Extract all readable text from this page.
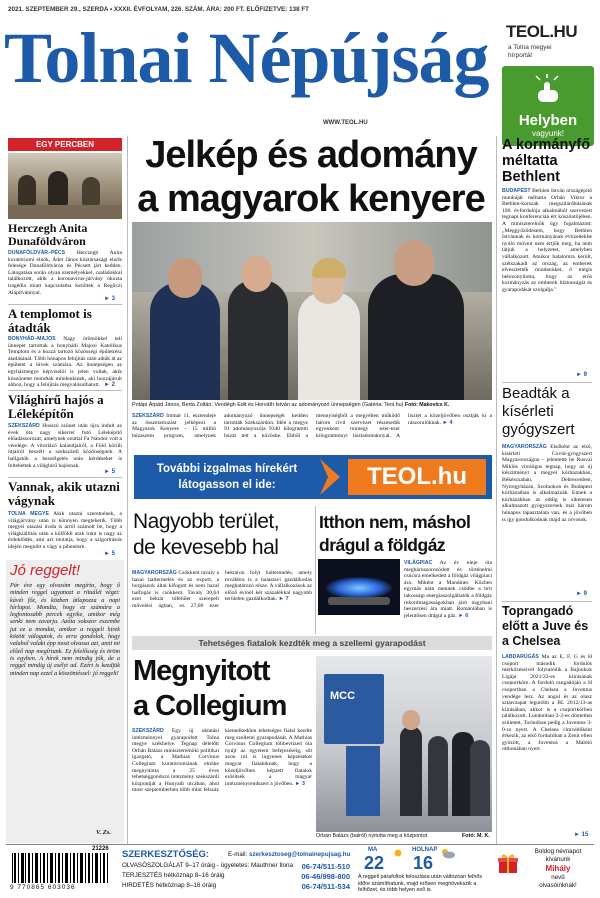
2021. SZEPTEMBER 29., SZERDA • XXXII. ÉVFOLYAM, 226. SZÁM. ÁRA: 200 FT. ELŐFIZETVE: 138 FT
Tolnai Népújság
WWW.TEOL.HU
TEOL.HU
a Tolna megyei hírportál
Helyben
vagyunk!
EGY PERCBEN
Herczegh Anita Dunaföldváron
DUNAFÖLDVÁR–PÉCS Herczegh Anita kuratóriumi elnök, Áder János köztársasági elnök felesége Dunaföldváron és Pécsett járt kedden. Látogatása során olyan személyekkel, családokkal találkozott, akik a koronavírus-járvány okozta tragédia miatt kapcsolatba kerültek a Regőczi Alapítvánnyal.
► 3
A templomot is átadták
BONYHÁD–MAJOS Nagy örömökkel teli ünnepet tartottak a bonyhádi Majosi Katolikus Templom és a hozzá tartozó közösségi épületrész átadásánál. Több hónapos felújítás után adták át az épületet a hívek számára. Az ünnepségen az egyházmegye képviselői is jelen voltak, akik köszönetet mondtak mindenkinek, aki hozzájárult ahhoz, hogy a felújítás megvalósulhatott. ► 2
Világhírű hajós a Léleképítőn
SZEKSZÁRD Hosszú szünet után újra indult az évek óta nagy sikerrel futó Léleképítő előadássorozat, amelynek ezúttal Fa Nándor volt a vendége. A vitorlázó kalandjairól, a Föld körüli útjairól beszélt a szekszárdi közönségnek. A hallgatók a beszélgetés után kérdéseket is feltehettek a világhírű hajósnak.
► 5
Vannak, akik utazni vágynak
TOLNA MEGYE Akik utazni szeretnének, a világjárvány után is könnyen megtehetik. Több megyei utazási iroda is arról számolt be, hogy a világkiállítás után a külföldi utak iránt is nagy az érdeklődés, ami azt mutatja, hogy a szigorítások idején megnőtt a vágy a pihenésre.
► 5
Jó reggelt!
Pár éve egy olvasóm megírta, hogy ő minden reggel ugyanazt a rituálét végzi: kávét főz, és közben átlapozza a napi hírlapot. Mondta, hogy ez számára a legfontosabb percek egyike, amikor még senki nem zavarja. Azóta sokszor eszembe jut ez a mondat, amikor a reggeli hírek között válogatok, és arra gondolok, hogy valahol valaki épp most olvassa azt, amit mi előző nap megírtunk. Ez felelősség és öröm is egyben. A hírek nem mindig jók, de a reggel mindig új esélyt ad. Ezért is kezdjük minden nap ezzel a köszöntéssel: jó reggelt!
V. Zs.
Jelkép és adomány
a magyarok kenyere
Potápi Árpád János, Berta Zoltán, Vendégh Edit és Horváth István az adományozó ünnepségen (Galéria: Teol.hu) Fotó: Makovics K.
SZEKSZÁRD Immár 11. esztendeje az összetartozást jelképezi a Magyarok Kenyere – 15 millió búzaszem program, amelynek adományozó ünnepségét kedden tartották Szekszárdon. Idén a megye 91 adományozója 9340 kilogramm búzát tett a közösbe. Ebből a mennyiségből a megyében működő három civil szervezet részesedik egyenként mintegy ezer-ezer kilogrammnyi lisztadománnyal. A lisztet a közeljövőben osztják ki a rászorulóknak. ► 4
További izgalmas hírekért
látogasson el ide:	TEOL.hu
Nagyobb terület,
de kevesebb hal
MAGYARORSZÁG Csökkent tavaly a hazai haltermelés és az export, a horgászok által kifogott és nem hazai halfogás is csökkent. Tavaly 30,64 ezer hektár tófelület szerepelt művelési ágban, ez 27,06 ezer hektáron folyt haltermelés, amely továbbra is a halastavi gazdálkodás meghatározó része. A vállalkozások az előző évinél két százalékkal nagyobb területen gazdálkodtak. ► 7
Itthon nem, máshol
drágul a földgáz
VILÁGPIAC Az év eleje óta meghároszorozódott és történelmi csúcsra emelkedett a földgáz világpiaci ára. Miként a Mandiner. Közben egymás után mennek csődbe a brit lakossági energiaszolgáltatók a földgáz rekordmagasságokban járó nagybani beszerzési ára miatt. Romániában is jelentősen drágul a gáz. ► 6
Tehetséges fiatalok kezdték meg a szellemi gyarapodást
Megnyitott
a Collegium
SZEKSZÁRD Egy új oktatási intézménnyel gyarapodott Tolna megye székhelye. Tegnap délelőtt Orbán Balázs miniszterelnöki politikai igazgató, a Mathias Corvinus Collegium kuratóriumának elnöke megnyitotta a 25 éves tehetséggondozó intézmény szekszárdi központját a Hunyadi utcában, ahol most szeptemberben több mint felszáz kiemelkedően tehetséges fiatal kezdte meg szellemi gyarapodását. A Mathias Corvinus Collegium többevtized óta nyújt az egyetem befejezéséig, sőt azon túl is ingyenes képzéseket magyar fiataloknak, hogy a közeljövőben képzett fiatalok erősítsék a magyar intézményrendszert a jövőben. ► 3
MCC
Orbán Balázs (balról) nyitotta meg a központot	Fotó: M. K.
A kormányfő méltatta Bethlent
BUDAPEST Bethlen István országépítő munkáját méltatta Orbán Viktor a Bethlen-korszak megszilárdításának 100. évfordulója alkalmából szervezett tegnapi konferencián ért köszöntőjében. A miniszterelnök úgy fogalmazott: „Meggyőződésem, hogy Bethlen Istvánnak és kormányának évtizedekbe nyúló műveit nem értjük meg, ha nem látjuk a helyzetet, amelyben vállalkozott. Amikor hatalomra került, szétszakadt az ország, az emberek elvesztették mindenüket, ő mégis bebizonyította, hogy az erős kormányzás az emberek biztonságát és gyarapodását szolgálja.”
► 9
Beadták a kísérleti gyógyszert
MAGYARORSZÁG Elsőként az első, kísérleti Covid-gyógyszert Magyarországon – jelentette be Rusvai Miklós virológus tegnap, hogy az új készítményt a megyei kórházakban, Békéscsabán, Debrecenben, Nyíregyházán, Szolnokon és Budapest kórházaiban is alkalmazzák. Ennek a kórházakban az eddig is sikeresen alkalmazott gyógyszernek már három hónapos tapasztalata van, és a jövőben is így gondolkodnak majd az orvosok.
► 9
Toprangadó előtt a Juve és a Chelsea
LABDARÚGÁS Ma az E, F, G és H csoport második fordulós mérkőzéseivel folytatódik a Bajnokok Ligája 2021/22-es kiírásának csoportköre. A forduló rangadóján a H csoportban a Chelsea a Juventus vendége lesz. Az angol és az olasz sztárcsapat legutóbb a BL 2012/13-as kiírásában, akkor is a csoportkörben találkozott, Londonban 2-2-es döntetlen született, Torinóban pedig a Juventus 3-0-ra nyert. A Chelsea címvédőként érkezik, az első fordulóban a Zenit ellen győzött, a Juventus a Malmö otthonában nyert.
► 15
21226
9 770865 603036
SZERKESZTŐSÉG:	E-mail: szerkesztoseg@tolnainepujsag.hu
OLVASÓSZOLGÁLAT 9–17 óráig - ügyeletes: Mauthner Ilona 06-74/511-510
TERJESZTÉS hétköznap 8–16 óráig	06-46/998-800
HIRDETÉS hétköznap 8–16 óráig	06-74/511-534
MA
22
HOLNAP
16
A reggeli párafoltok feloszlása után változóan felhős időre számíthatunk, majd erősen megnövekszik a felhőzet, és több helyen eső is.
Boldog névnapot
kívánunk
Mihály
nevű
olvasóinknak!
